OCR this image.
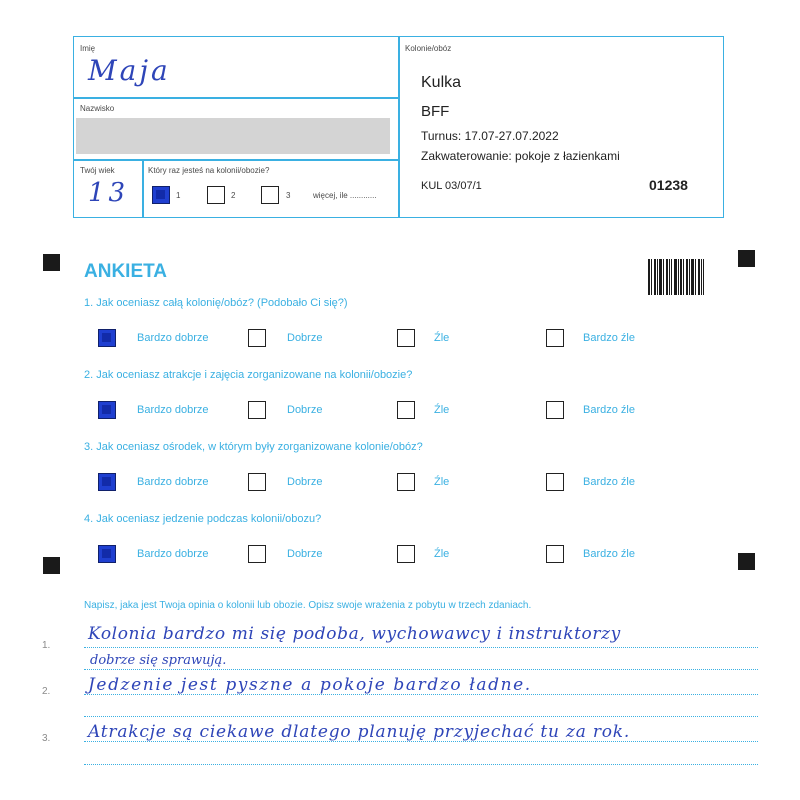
Imię
Maja
Nazwisko
Twój wiek
13
Który raz jesteś na kolonii/obozie?
1	2	3	więcej, ile ............
Kolonie/obóz
Kulka
BFF
Turnus: 17.07-27.07.2022
Zakwaterowanie: pokoje z łazienkami
KUL 03/07/1	01238
ANKIETA
1. Jak oceniasz całą kolonię/obóz? (Podobało Ci się?)
Bardzo dobrze	Dobrze	Źle	Bardzo źle
2. Jak oceniasz atrakcje i zajęcia zorganizowane na kolonii/obozie?
Bardzo dobrze	Dobrze	Źle	Bardzo źle
3. Jak oceniasz ośrodek, w którym były zorganizowane kolonie/obóz?
Bardzo dobrze	Dobrze	Źle	Bardzo źle
4. Jak oceniasz jedzenie podczas kolonii/obozu?
Bardzo dobrze	Dobrze	Źle	Bardzo źle
Napisz, jaka jest Twoja opinia o kolonii lub obozie. Opisz swoje wrażenia z pobytu w trzech zdaniach.
1.
2.
3.
Kolonia bardzo mi się podoba, wychowawcy i instruktorzy
dobrze się sprawują.
Jedzenie jest pyszne a pokoje bardzo ładne.
Atrakcje są ciekawe dlatego planuję przyjechać tu za rok.
